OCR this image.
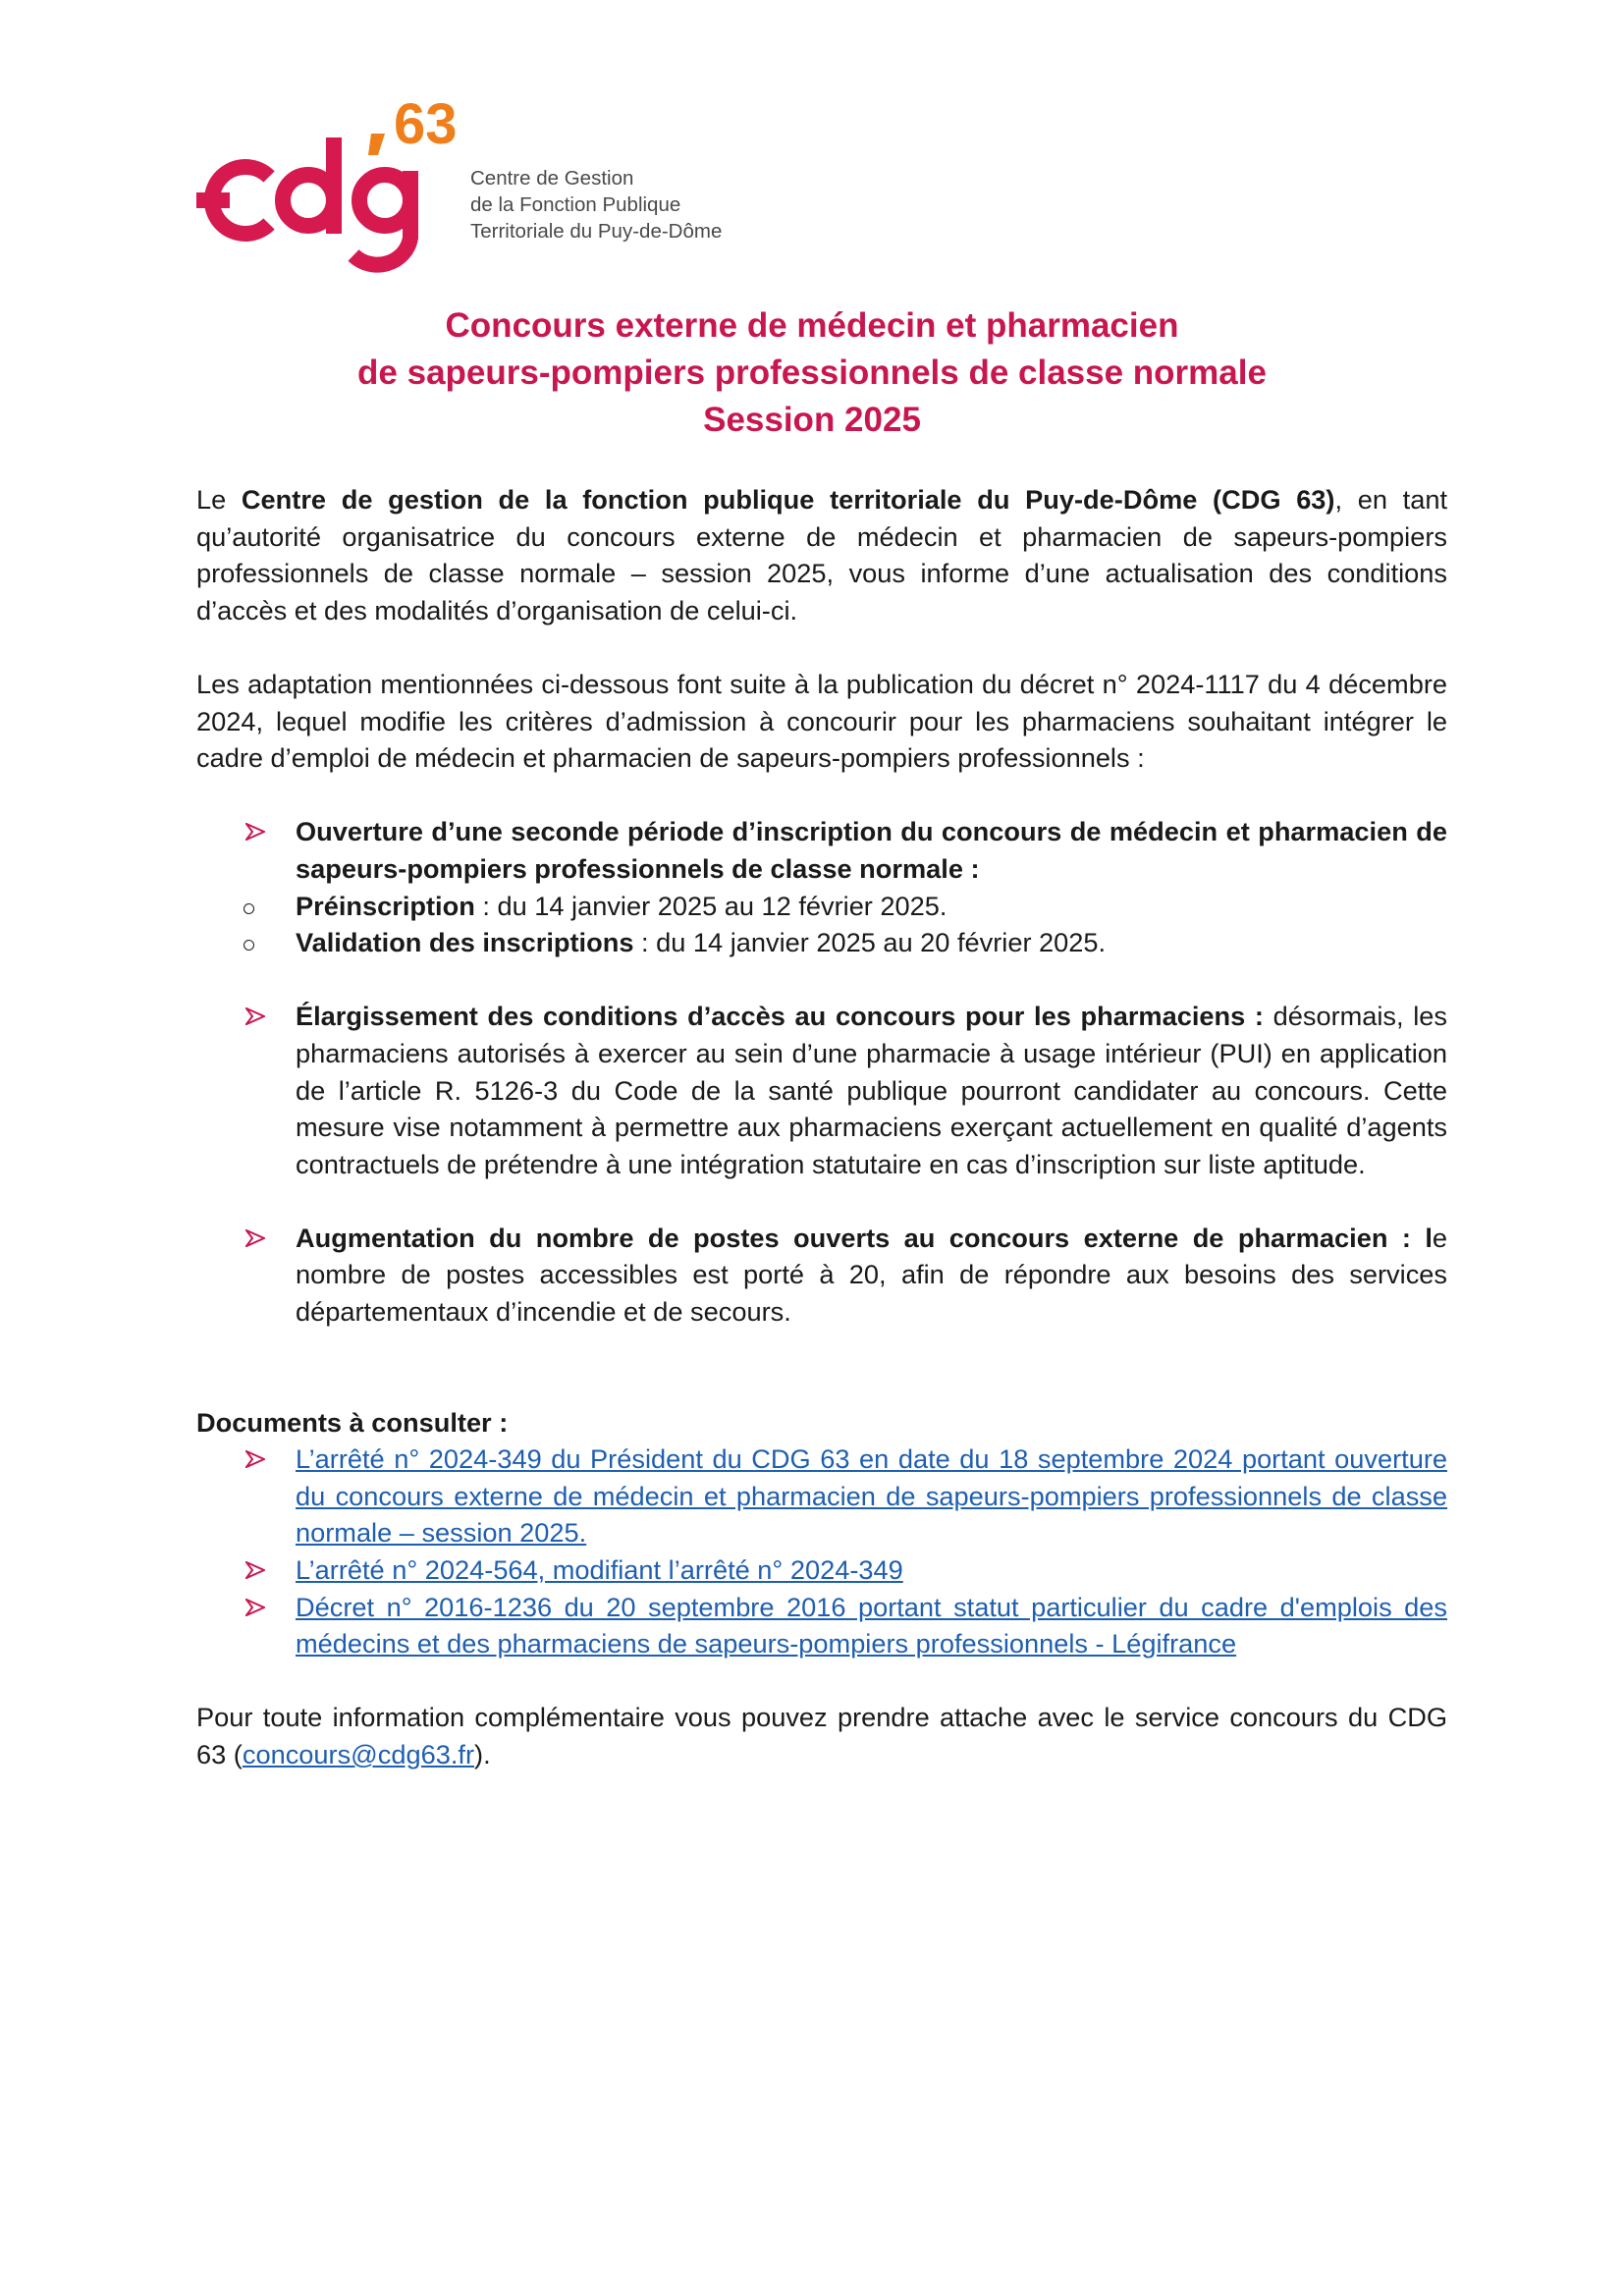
63
Centre de Gestion
de la Fonction Publique
Territoriale du Puy-de-Dôme
Concours externe de médecin et pharmacien
de sapeurs-pompiers professionnels de classe normale
Session 2025

Le Centre de gestion de la fonction publique territoriale du Puy-de-Dôme (CDG 63), en tant qu’autorité organisatrice du concours externe de médecin et pharmacien de sapeurs-pompiers professionnels de classe normale – session 2025, vous informe d’une actualisation des conditions d’accès et des modalités d’organisation de celui-ci.

Les adaptation mentionnées ci-dessous font suite à la publication du décret n° 2024-1117 du 4 décembre 2024, lequel modifie les critères d’admission à concourir pour les pharmaciens souhaitant intégrer le cadre d’emploi de médecin et pharmacien de sapeurs-pompiers professionnels :

Ouverture d’une seconde période d’inscription du concours de médecin et pharmacien de sapeurs-pompiers professionnels de classe normale :
Préinscription : du 14 janvier 2025 au 12 février 2025.
Validation des inscriptions : du 14 janvier 2025 au 20 février 2025.
Élargissement des conditions d’accès au concours pour les pharmaciens : désormais, les pharmaciens autorisés à exercer au sein d’une pharmacie à usage intérieur (PUI) en application de l’article R. 5126-3 du Code de la santé publique pourront candidater au concours. Cette mesure vise notamment à permettre aux pharmaciens exerçant actuellement en qualité d’agents contractuels de prétendre à une intégration statutaire en cas d’inscription sur liste aptitude.
Augmentation du nombre de postes ouverts au concours externe de pharmacien : le nombre de postes accessibles est porté à 20, afin de répondre aux besoins des services départementaux d’incendie et de secours.
Documents à consulter :
L’arrêté n° 2024-349 du Président du CDG 63 en date du 18 septembre 2024 portant ouverture du concours externe de médecin et pharmacien de sapeurs-pompiers professionnels de classe normale – session 2025.
L’arrêté n° 2024-564, modifiant l’arrêté n° 2024-349
Décret n° 2016-1236 du 20 septembre 2016 portant statut particulier du cadre d'emplois des médecins et des pharmaciens de sapeurs-pompiers professionnels - Légifrance

Pour toute information complémentaire vous pouvez prendre attache avec le service concours du CDG 63 (concours@cdg63.fr).
